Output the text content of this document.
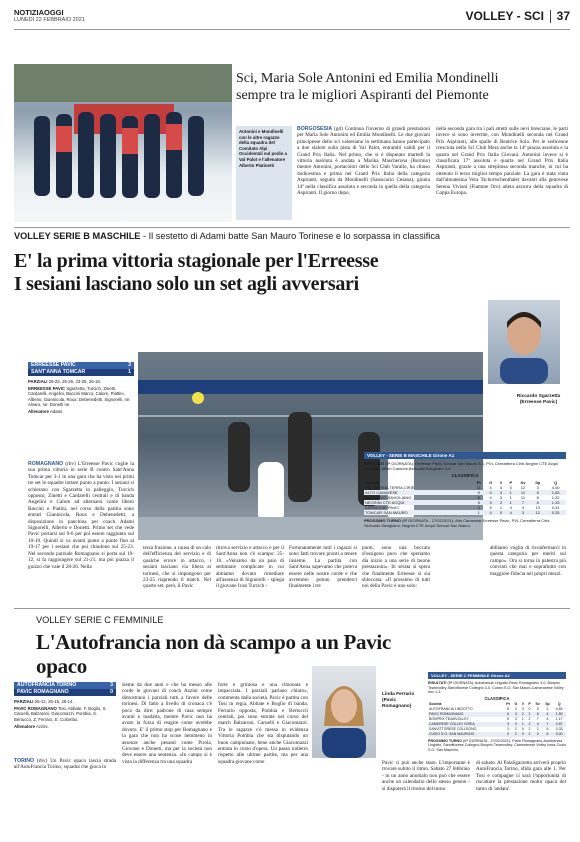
NOTIZIAOGGI
LUNEDÌ 22 FEBBRAIO 2021	VOLLEY - SCI 37
Sci, Maria Sole Antonini ed Emilia Mondinelli
sempre tra le migliori Aspiranti del Piemonte
Antonini e Mondinelli con le altre ragazze della squadra del Comitato Alpi Occidentali sul podio a Val Palot e l'allenatore Alberto Platinetti
BORGOSESIA (gd) Continua l'inverno di grandi prestazioni per Maria Sole Antonini ed Emilia Mondinelli. Le due giovani principesse dello sci valsesiano in settimana hanno partecipato a due slalom sulla pista di Val Palot, entrambi validi per il Grand Prix Italia. Nel primo, che si è disputato martedì la vittoria assoluta è andata a Marika Mascherona (Bormio) mentre Antonini, portacolori dello Sci Club Varallo, ha chiuso dodicesima e prima nel Grand Prix Italia della categoria Aspiranti, seguita da Mondinelli (Sansicario Cesana), giunta 14ª nella classifica assoluta e seconda in quella della categoria Aspiranti. Il giorno dopo,
nella seconda gara tra i pali stretti sulle nevi bresciane, le parti invece si sono invertite, con Mondinelli seconda nel Grand Prix Aspiranti, alle spalle di Beatrice Sola. Per le sedicenne cresciuta nello Sci Club Mera anche la 14ª piazza assoluta e la quarta nel Grand Prix Italia Giovani. Antonini invece si è classificata 17ª assoluta e quarta nel Grand Prix Italia Aspiranti, grazie a una strepitosa seconda manche, in cui ha ottenuto il terzo miglior tempo parziale. La gara è stata vinta dall'altoatesina Vera Tschurtschenthaler davanti alla genovese Serena Viviani (Fiamme Oro) atleta azzurra della squadra di Coppa Europa.
VOLLEY SERIE B MASCHILE - Il sestetto di Adami batte San Mauro Torinese e lo sorpassa in classifica
E' la prima vittoria stagionale per l'Erreesse
I sesiani lasciano solo un set agli avversari
Riccardo Sgarzetta (Erreesse Pavic)
ERREESSE PAVIC	3
SANT'ANNA TOMCAR	1
PARZIALI 25-23, 26-26, 23-25, 25-16.
ERREESSE PAVIC Sgarzetta, Turcich, Zinetti, Cardarelli, Angelini, Baccini Marco, Calore, Piattini, Alberio, Giannicola, Roux, Debenedetti, Signorelli, ne: Alvaro, ne: Donetti ne.
Allenatore Adami.
ROMAGNANO (rbv) L'Erreesse Pavic coglie la sua prima vittoria in serie B contro Sant'Anna Tomcar per 3-1 in una gara che ha visto nei primi tre set le squadre lottare punto a punto. I sesiani si schierano con Sgarzetta in palleggio, Turcich opposto, Zinetti e Cardarelli centrali e di banda Angelini e Calore ad alternarsi come libero Baccini e Piatini, nel corso della partita sono entrati Giannicola, Roux e Debenedetti, a disposizione in panchina per coach Adami Signorelli, Alberio e Donetti. Primo set che vede Pavic portarsi sul 9-6 per poi essere raggiunto sul 10-10. Quindi si va avanti punto a punto fino al 19-17 per i sesiani che poi chiudono sul 25-23. Nel secondo parziale Romagnano si porta sul 19-12, si fa raggiungere sul 21-21, ma poi piazza il guizzo che vale il 28-26. Nella
terza frazione, a causa di un calo dell'efficienza del servizio e di qualche errore in attacco, i sesiani lasciano via libera ai torinesi, che si impongono per 23-25 riaprendo il match. Nel quarto set, però, il Pavic
ritrova servizio e attacco e per il Sant'Anna non c'è scampo: 25-16. «Veniamo da un paio di settimane complicate in cui abbiamo dovuto rimediare all'assenza di Signorelli - spiega il giovane Ivan Turcich -
Fortunatamente tutti i ragazzi si sono fatti trovare pronti a tenere insieme. La partita con Sant'Anna sapevamo che poteva essere nelle nostre corde e che avremmo potuto prendercí finalmente i tre
punti, sono una boccata d'ossigeno puro che speriamo dia inizio a una serie di buone prestazioni». In serata si spera che finalmente Erreesse si sia sbloccata: «Il prossimo di tutti noi della Pavic è uno solo:
abbiamo voglia di riconfermarci in questa categoria per meriti sul campo». Ora si torna in palestra più convinti che mai e soprattutto con maggiore fiducia nei propri mezzi.
VOLLEY - SERIE B MASCHILE Girone A1
RISULTATI (5ª GIORNATA): Erreesse Pavic-Tomcar San Mauro 3-1, PVL Cerealterra Ciriè-Negrini CTE Acqui (rinviata), Alfieri Cannoni-Bertoado Borgolaro 3-0.
CLASSIFICA
Società	Pt	G	V	P	Sv	Sp	Q
PVL CEREALTERRA CIRIÈ	11	4	4	0	12	3	4,00
ALTO CANAVESE	9	4	3	1	11	6	1,83
MARMIZZO SAVIGLIANO	8	4	3	1	11	8	1,22
NEGRINI CTE ACQUI	5	3	2	1	7	6	1,33
ERREESSE PAVIC	3	5	1	4	4	13	0,31
TOMCAR SAN MAURO	1	4	0	4	3	12	0,25
PROSSIMO TURNO (6ª GIORNATA - 27/02/2021): Alto Canavese-Erreesse Pavic, PVL Cerealterra Ciriè-Sertoado Savigliano, Negrini CTE Acqui-Tomcar San Mauro.
VOLLEY SERIE C FEMMINILE
L'Autofrancia non dà scampo a un Pavic opaco
AUTOFRANCIA TORINO	3
PAVIC ROMAGNANO	0
PARZIALI 25-12, 25-15, 25-14.
PAVIC ROMAGNANO Tosi, Abbate, F. Boglio, S. Caruelli, Balzaroni, Giacomazzi, Pombia, S. Bertucco, Z. Ferraro, E. Colombo.
Allenatore Azzini.
TORINO (rbv) Un Pavic opaco lascia strada all'AutoFrancia Torino, squadra che gioca in
sieme da due anni e che ha messo alle corde le giovani di coach Azzini come dimostrano i parziali tutti a favore delle torinesi. Di fatto a livello di cronaca c'è poco da dire: padrone di casa sempre avanti e inadatta, mentre Pavic non ha avuto la forza di reagire come avrebbe dovuto. E' il primo stop per Romagnano e la gara che non ha scuse nemmeno in assenze anche pesanti come Pirola, Giovane e Donetti, ma per la società non deve essere una sentenza. «In campo si è vista la differenza tra una squadra
forte e grintosa e una rimonata e impacciata. I parziali parlano chiaro», commenta dalla società. Pavic è partita con Tosi in regia, Abbate e Boglio di banda, Ferrario opposta, Pombia e Bertoccii centrali, poi sono entrate nel corso del match Balzaroni, Caruelli e Giacomazzi. Tra le ragazze c'è messa in evidenza Vittoria Pombia che sta disputando un buon campionato, bene anche Giacomazzi entrata in corso d'opera. Un passo indietro rispetto alle ultime partite, ma per una squadra giovane come
Linda Ferrario (Pavic Romagnano)
Pavic ci può anche stare. L'importante è trovare subito il ritmo. Sabato 27 febbraio - in un anno anomalo non può che essere anche un calendario dello stesso genere - si disputerà il ritorno del turno
di sabato. Al PalaSgarzetta arriverà proprio AutoFrancia Torino, sfida gara alle 1. Per Tosi e compagne ci sarà l'opportunità di riscattare la prestazione molto opaca del turno di 'andata'.
VOLLEY - SERIE C FEMMINILE Girone A2
RISULTATI (5ª GIORNATA): Autofrancia Lingotto-Pavic Romagnano 3-0, Bonprix Teamvolley-Sanvittorese Collegno 3-0, Cuneo S.O. San Mauro-Cameranese Volley rinv 1-3.
CLASSIFICA
Società	Pt	G	V	P	Sv	Sp	Q
AUTOFRANCIA LINGOTTO	8	3	3	0	9	2	4,50
PAVIC ROMAGNANO	6	3	2	1	6	4	1,50
BONPRIX TEAMVOLLEY	5	3	1	2	7	6	1,17
CAMERESE VOLLEY IVREA	3	3	1	2	4	7	0,57
SANVITTORESE COLLEGNO	2	2	0	2	2	6	0,33
CUSIO S.O. SAN MAURIZIO	0	2	0	2	0	6	0,00
PROSSIMO TURNO (6ª GIORNATA - 27/02/2021): Pavic Romagnano-Autofrancia Lingotto, Sanvittorese Collegno-Bonprix Teamvolley, Cameranese Volley Ivrea-Cusio S.O. San Maurizio.
